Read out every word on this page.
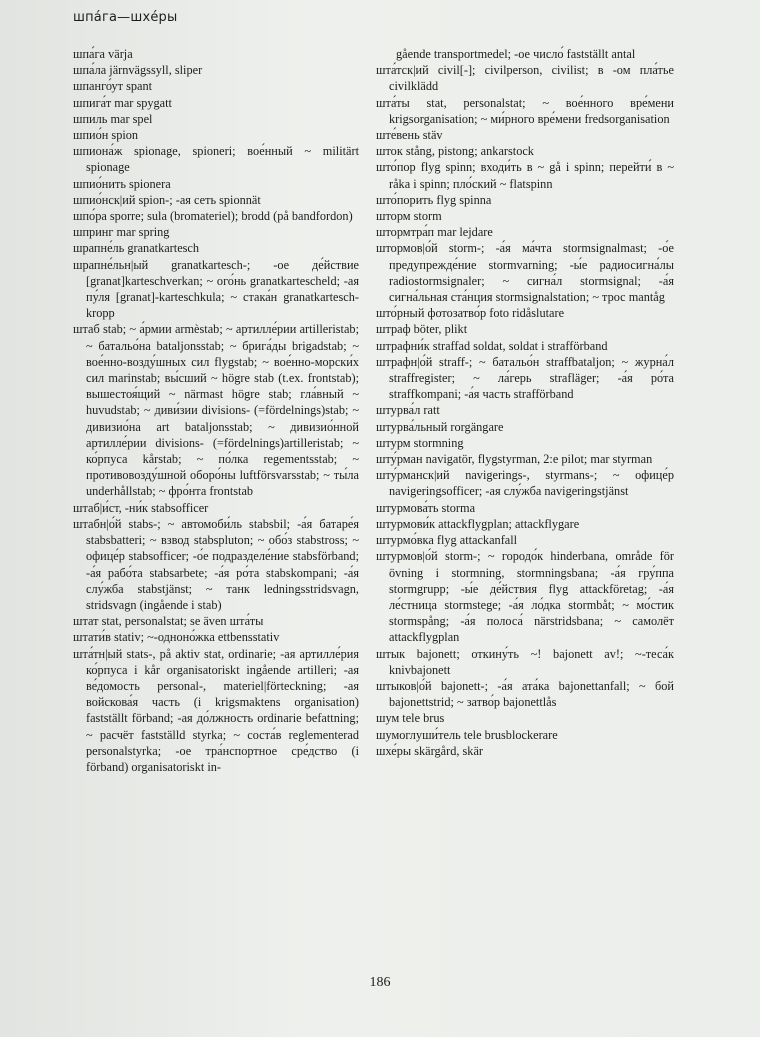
шпа́га—шхе́ры

шпа́га värja

шпа́ла järnvägssyll, sliper

шпанго́ут spant

шпига́т mar spygatt

шпиль mar spel

шпио́н spion

шпиона́ж spionage, spioneri; вое́нный ~ militärt spionage

шпио́нить spionera

шпио́нск|ий spion-; -ая сеть spionnät

шпо́ра sporre; sula (bromateriel); brodd (på bandfordon)

шпринг mar spring

шрапне́ль granatkartesch

шрапне́льн|ый granatkartesch-; -ое де́йствие [granat]karteschverkan; ~ ого́нь granatkartescheld; -ая пу́ля [granat]-karteschkula; ~ стака́н granatkartesch-kropp

штаб stab; ~ а́рмии armèstab; ~ артилле́рии artilleristab; ~ батальо́на bataljonsstab; ~ брига́ды brigadstab; ~ вое́нно-возду́шных сил flygstab; ~ вое́нно-морски́х сил marinstab; вы́сший ~ högre stab (t.ex. frontstab); вышестоя́щий ~ närmast högre stab; гла́вный ~ huvudstab; ~ диви́зии divisions- (=fördelnings)stab; ~ дивизио́на art bataljonsstab; ~ дивизио́нной артилле́рии divisions- (=fördelnings)artilleristab; ~ ко́рпуса kårstab; ~ по́лка regementsstab; ~ противовозду́шной оборо́ны luftförsvarsstab; ~ ты́ла underhållstab; ~ фро́нта frontstab

штаб|и́ст, -ни́к stabsofficer

штабн|о́й stabs-; ~ автомоби́ль stabsbil; -а́я батаре́я stabsbatteri; ~ взвод stabspluton; ~ обо́з stabstross; ~ офице́р stabsofficer; -о́е подразделе́ние stabsförband; -а́я рабо́та stabsarbete; -а́я ро́та stabskompani; -а́я слу́жба stabstjänst; ~ танк ledningsstridsvagn, stridsvagn (ingående i stab)

штат stat, personalstat; se även шта́ты

штати́в stativ; ~-одноно́жка ettbensstativ

шта́тн|ый stats-, på aktiv stat, ordinarie; -ая артилле́рия ко́рпуса i kår organisatoriskt ingående artilleri; -ая ве́домость personal-, materiel|förteckning; -ая войскова́я часть (i krigsmaktens organisation) fastställt förband; -ая до́лжность ordinarie befattning; ~ расчёт fastställd styrka; ~ соста́в reglementerad personalstyrka; -ое тра́нспортное сре́дство (i förband) organisatoriskt in-

gående transportmedel; -ое число́ fastställt antal

шта́тск|ий civil[-]; civilperson, civilist; в -ом пла́тье civilklädd

шта́ты stat, personalstat; ~ вое́нного вре́мени krigsorganisation; ~ ми́рного вре́мени fredsorganisation

ште́вень stäv

шток stång, pistong; ankarstock

што́пор flyg spinn; входи́ть в ~ gå i spinn; перейти́ в ~ råka i spinn; пло́ский ~ flatspinn

што́порить flyg spinna

шторм storm

штормтра́п mar lejdare

штормов|о́й storm-; -а́я ма́чта stormsignalmast; -о́е предупрежде́ние stormvarning; -ы́е радиосигна́лы radiostormsignaler; ~ сигна́л stormsignal; -а́я сигна́льная ста́нция stormsignalstation; ~ трос mantåg

што́рный фотозатво́р foto ridåslutare

штраф böter, plikt

штрафни́к straffad soldat, soldat i strafförband

штрафн|о́й straff-; ~ батальо́н straffbataljon; ~ журна́л straffregister; ~ ла́герь strafläger; -а́я ро́та straffkompani; -а́я часть strafförband

штурва́л ratt

штурва́льный rorgängare

штурм stormning

шту́рман navigatör, flygstyrman, 2:e pilot; mar styrman

шту́рманск|ий navigerings-, styrmans-; ~ офице́р navigeringsofficer; -ая слу́жба navigeringstjänst

штурмова́ть storma

штурмови́к attackflygplan; attackflygare

штурмо́вка flyg attackanfall

штурмов|о́й storm-; ~ городо́к hinderbana, område för övning i stormning, stormningsbana; -а́я гру́ппа stormgrupp; -ы́е де́йствия flyg attackföretag; -а́я ле́стница stormstege; -а́я ло́дка stormbåt; ~ мо́стик stormspång; -а́я полоса́ närstridsbana; ~ самолёт attackflygplan

штык bajonett; откину́ть ~! bajonett av!; ~-теса́к knivbajonett

штыков|о́й bajonett-; -а́я ата́ка bajonettanfall; ~ бой bajonettstrid; ~ затво́р bajonettlås

шум tele brus

шумоглуши́тель tele brusblockerare

шхе́ры skärgård, skär

186
